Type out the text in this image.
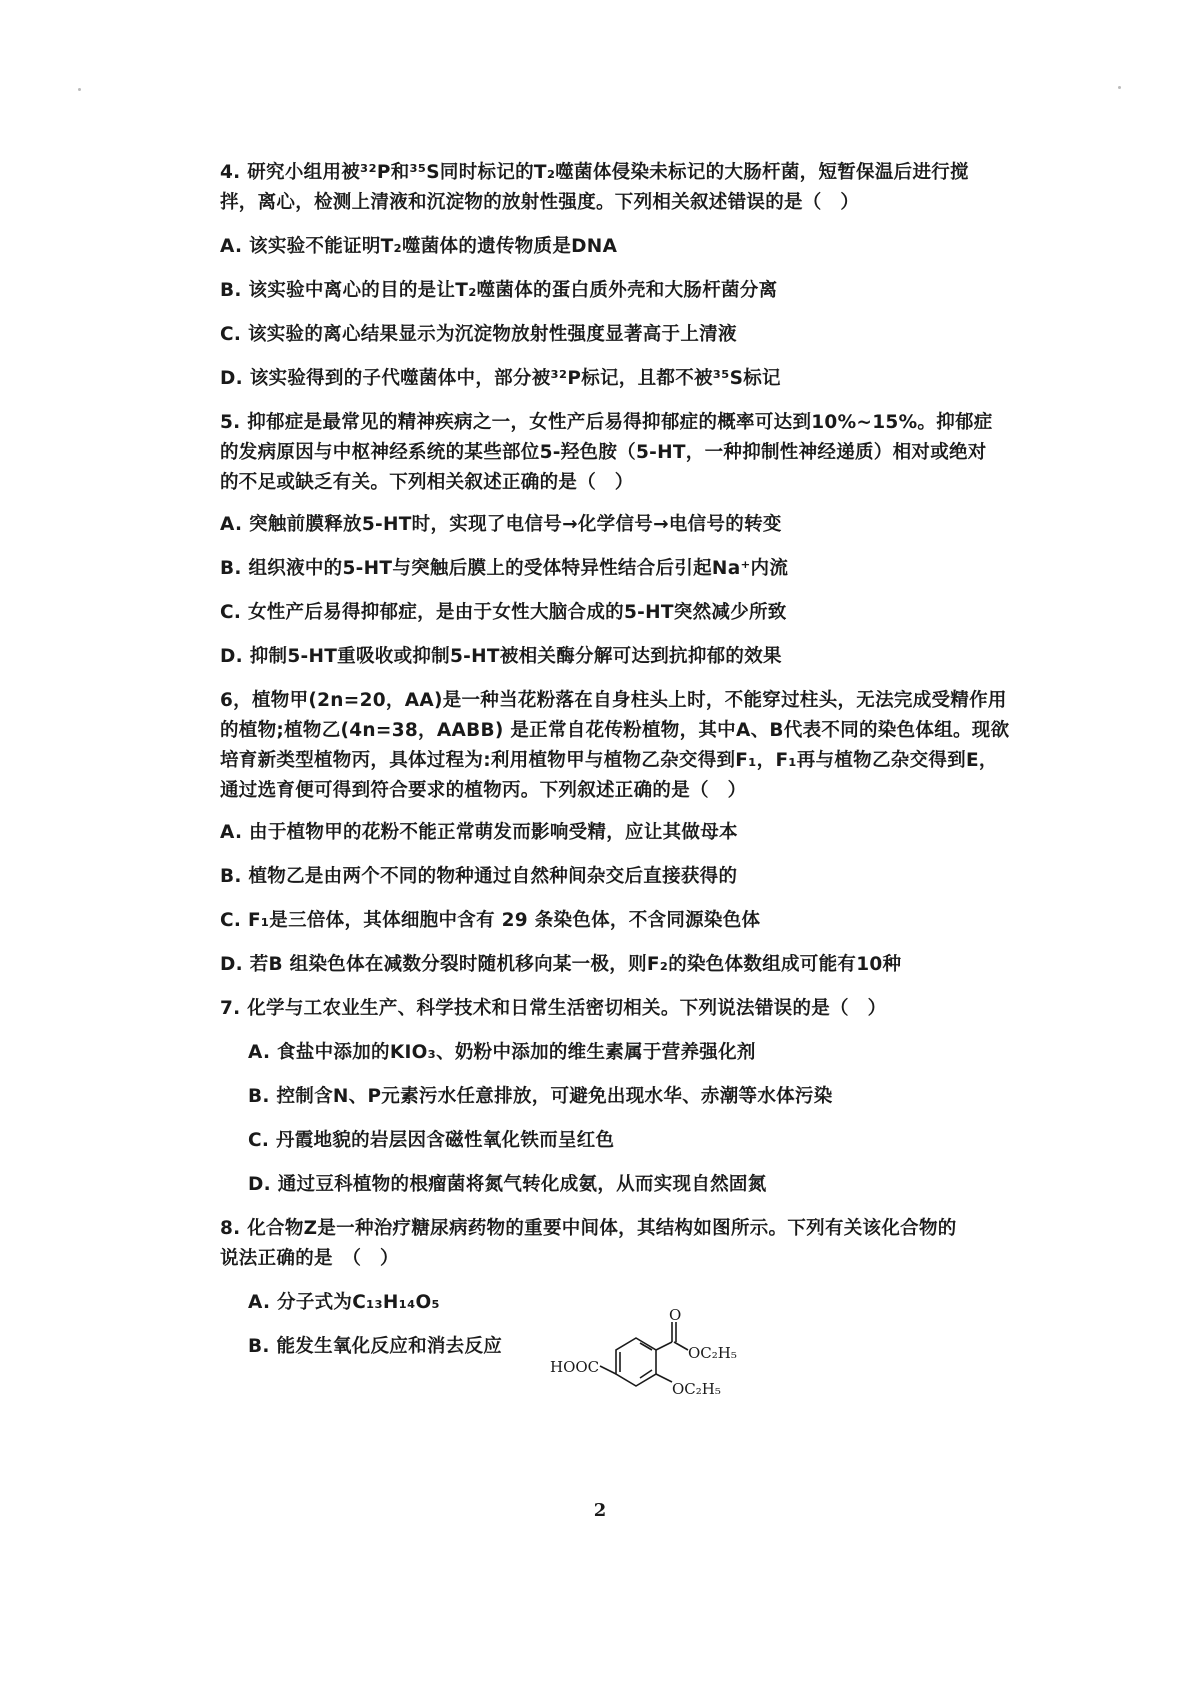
4. 研究小组用被³²P和³⁵S同时标记的T₂噬菌体侵染未标记的大肠杆菌，短暂保温后进行搅
拌，离心，检测上清液和沉淀物的放射性强度。下列相关叙述错误的是（　）
A. 该实验不能证明T₂噬菌体的遗传物质是DNA
B. 该实验中离心的目的是让T₂噬菌体的蛋白质外壳和大肠杆菌分离
C. 该实验的离心结果显示为沉淀物放射性强度显著高于上清液
D. 该实验得到的子代噬菌体中，部分被³²P标记，且都不被³⁵S标记
5. 抑郁症是最常见的精神疾病之一，女性产后易得抑郁症的概率可达到10%~15%。抑郁症
的发病原因与中枢神经系统的某些部位5-羟色胺（5-HT，一种抑制性神经递质）相对或绝对
的不足或缺乏有关。下列相关叙述正确的是（　）
A. 突触前膜释放5-HT时，实现了电信号→化学信号→电信号的转变
B. 组织液中的5-HT与突触后膜上的受体特异性结合后引起Na⁺内流
C. 女性产后易得抑郁症，是由于女性大脑合成的5-HT突然减少所致
D. 抑制5-HT重吸收或抑制5-HT被相关酶分解可达到抗抑郁的效果
6，植物甲(2n=20，AA)是一种当花粉落在自身柱头上时，不能穿过柱头，无法完成受精作用
的植物;植物乙(4n=38，AABB) 是正常自花传粉植物，其中A、B代表不同的染色体组。现欲
培育新类型植物丙，具体过程为:利用植物甲与植物乙杂交得到F₁，F₁再与植物乙杂交得到E，
通过选育便可得到符合要求的植物丙。下列叙述正确的是（　）
A. 由于植物甲的花粉不能正常萌发而影响受精，应让其做母本
B. 植物乙是由两个不同的物种通过自然种间杂交后直接获得的
C. F₁是三倍体，其体细胞中含有 29 条染色体，不含同源染色体
D. 若B 组染色体在减数分裂时随机移向某一极，则F₂的染色体数组成可能有10种
7. 化学与工农业生产、科学技术和日常生活密切相关。下列说法错误的是（　）
A. 食盐中添加的KIO₃、奶粉中添加的维生素属于营养强化剂
B. 控制含N、P元素污水任意排放，可避免出现水华、赤潮等水体污染
C. 丹霞地貌的岩层因含磁性氧化铁而呈红色
D. 通过豆科植物的根瘤菌将氮气转化成氨，从而实现自然固氮
8. 化合物Z是一种治疗糖尿病药物的重要中间体，其结构如图所示。下列有关该化合物的
说法正确的是　（　）
A. 分子式为C₁₃H₁₄O₅
B. 能发生氧化反应和消去反应
HOOC
O
OC₂H₅
OC₂H₅
2
